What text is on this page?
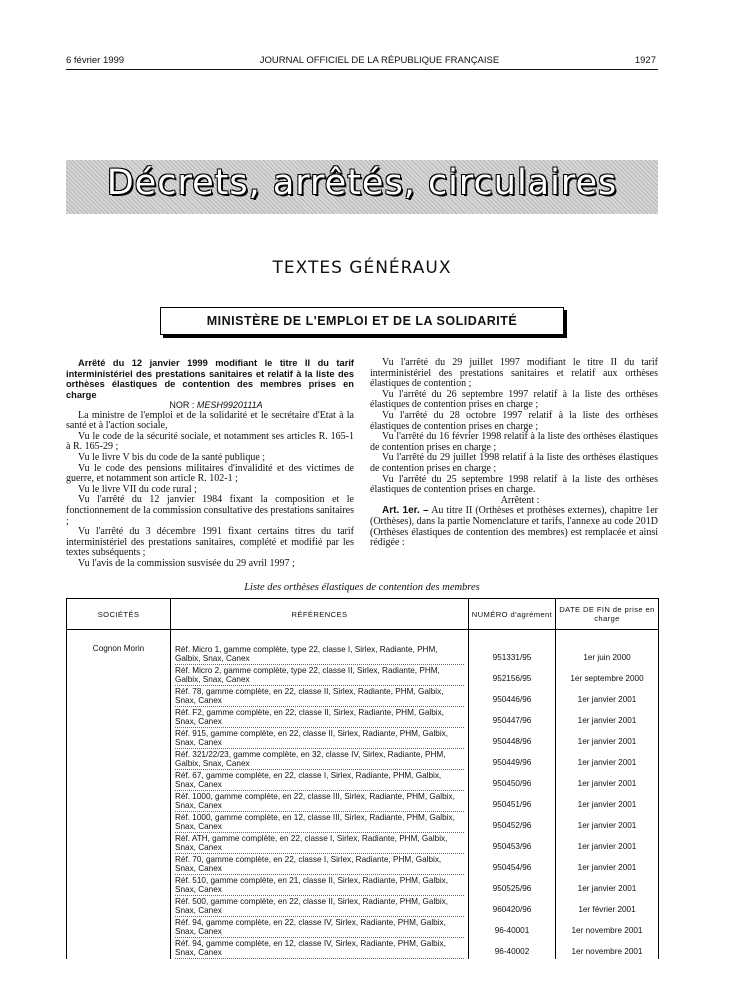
6 février 1999	JOURNAL OFFICIEL DE LA RÉPUBLIQUE FRANÇAISE	1927
Décrets, arrêtés, circulaires
TEXTES GÉNÉRAUX
MINISTÈRE DE L'EMPLOI ET DE LA SOLIDARITÉ

Arrêté du 12 janvier 1999 modifiant le titre II du tarif interministériel des prestations sanitaires et relatif à la liste des orthèses élastiques de contention des membres prises en charge

NOR : MESH9920111A

La ministre de l'emploi et de la solidarité et le secrétaire d'Etat à la santé et à l'action sociale,

Vu le code de la sécurité sociale, et notamment ses articles R. 165-1 à R. 165-29 ;

Vu le livre V bis du code de la santé publique ;

Vu le code des pensions militaires d'invalidité et des victimes de guerre, et notamment son article R. 102-1 ;

Vu le livre VII du code rural ;

Vu l'arrêté du 12 janvier 1984 fixant la composition et le fonctionnement de la commission consultative des prestations sanitaires ;

Vu l'arrêté du 3 décembre 1991 fixant certains titres du tarif interministériel des prestations sanitaires, complété et modifié par les textes subséquents ;

Vu l'avis de la commission susvisée du 29 avril 1997 ;

Vu l'arrêté du 29 juillet 1997 modifiant le titre II du tarif interministériel des prestations sanitaires et relatif aux orthèses élastiques de contention ;

Vu l'arrêté du 26 septembre 1997 relatif à la liste des orthèses élastiques de contention prises en charge ;

Vu l'arrêté du 28 octobre 1997 relatif à la liste des orthèses élastiques de contention prises en charge ;

Vu l'arrêté du 16 février 1998 relatif à la liste des orthèses élastiques de contention prises en charge ;

Vu l'arrêté du 29 juillet 1998 relatif à la liste des orthèses élastiques de contention prises en charge ;

Vu l'arrêté du 25 septembre 1998 relatif à la liste des orthèses élastiques de contention prises en charge.

Arrêtent :

Art. 1er. – Au titre II (Orthèses et prothèses externes), chapitre 1er (Orthèses), dans la partie Nomenclature et tarifs, l'annexe au code 201D (Orthèses élastiques de contention des membres) est remplacée et ainsi rédigée :

Liste des orthèses élastiques de contention des membres
SOCIÉTÉS	RÉFÉRENCES	NUMÉRO d'agrément	DATE DE FIN de prise en charge
Cognon Morin	Réf. Micro 1, gamme complète, type 22, classe I, Sirlex, Radiante, PHM, Galbix, Snax, Canex	951331/95	1er juin 2000

	Réf. Micro 2, gamme complète, type 22, classe II, Sirlex, Radiante, PHM, Galbix, Snax, Canex	952156/95	1er septembre 2000

	Réf. 78, gamme complète, en 22, classe II, Sirlex, Radiante, PHM, Galbix, Snax, Canex	950446/96	1er janvier 2001

	Réf. F2, gamme complète, en 22, classe II, Sirlex, Radiante, PHM, Galbix, Snax, Canex	950447/96	1er janvier 2001

	Réf. 915, gamme complète, en 22, classe II, Sirlex, Radiante, PHM, Galbix, Snax, Canex	950448/96	1er janvier 2001

	Réf. 321/22/23, gamme complète, en 32, classe IV, Sirlex, Radiante, PHM, Galbix, Snax, Canex	950449/96	1er janvier 2001

	Réf. 67, gamme complète, en 22, classe I, Sirlex, Radiante, PHM, Galbix, Snax, Canex	950450/96	1er janvier 2001

	Réf. 1000, gamme complète, en 22, classe III, Sirlex, Radiante, PHM, Galbix, Snax, Canex	950451/96	1er janvier 2001

	Réf. 1000, gamme complète, en 12, classe III, Sirlex, Radiante, PHM, Galbix, Snax, Canex	950452/96	1er janvier 2001

	Réf. ATH, gamme complète, en 22, classe I, Sirlex, Radiante, PHM, Galbix, Snax, Canex	950453/96	1er janvier 2001

	Réf. 70, gamme complète, en 22, classe I, Sirlex, Radiante, PHM, Galbix, Snax, Canex	950454/96	1er janvier 2001

	Réf. 510, gamme complète, en 21, classe II, Sirlex, Radiante, PHM, Galbix, Snax, Canex	950525/96	1er janvier 2001

	Réf. 500, gamme complète, en 22, classe II, Sirlex, Radiante, PHM, Galbix, Snax, Canex	960420/96	1er février 2001

	Réf. 94, gamme complète, en 22, classe IV, Sirlex, Radiante, PHM, Galbix, Snax, Canex	96-40001	1er novembre 2001

	Réf. 94, gamme complète, en 12, classe IV, Sirlex, Radiante, PHM, Galbix, Snax, Canex	96-40002	1er novembre 2001
